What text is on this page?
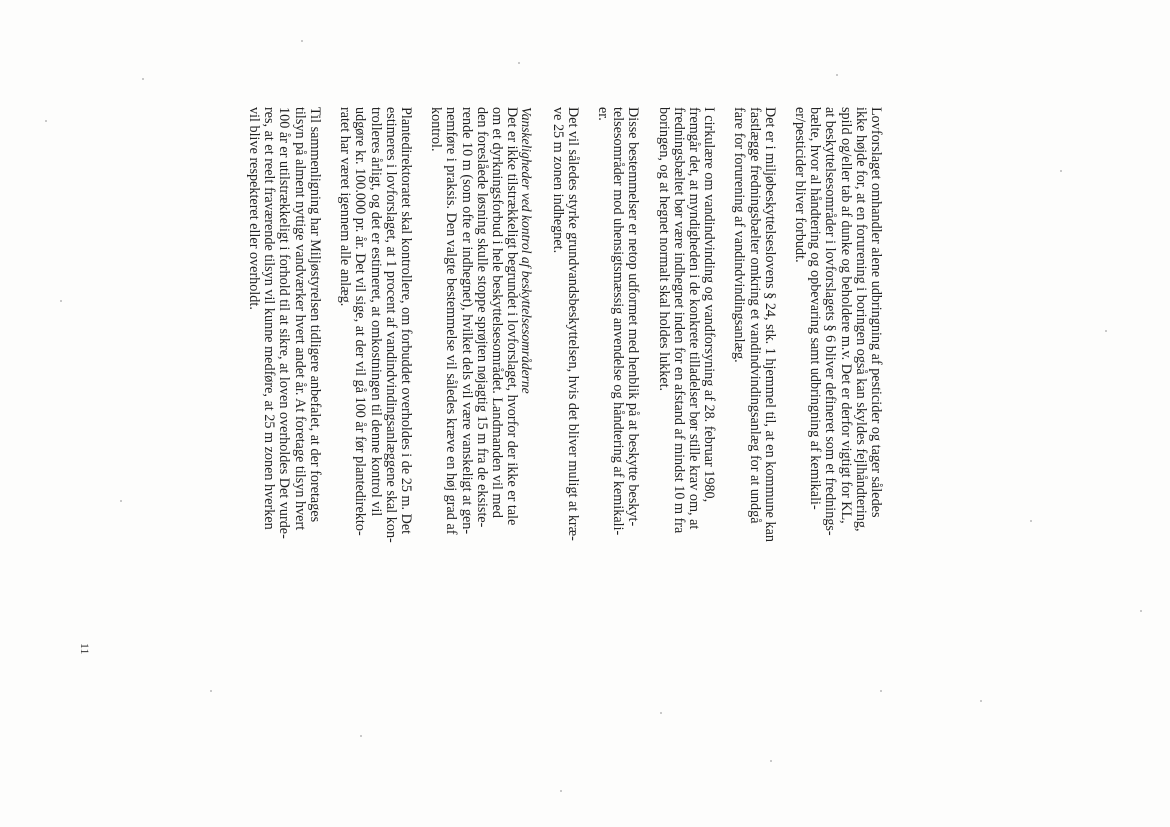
Lovforslaget omhandler alene udbringning af pesticider og tager således
ikke højde for, at en forurening i boringen også kan skyldes fejlhåndtering,
spild og/eller tab af dunke og beholdere m.v. Det er derfor vigtigt for KL,
at beskyttelsesområder i lovforslagets § 6 bliver defineret som et frednings-
bælte, hvor al håndtering og opbevaring samt udbringning af kemikali-
er/pesticider bliver forbudt.

Det er i miljøbeskyttelseslovens § 24, stk. 1 hjemmel til, at en kommune kan
fastlægge fredningsbælter omkring et vandindvindingsanlæg for at undgå
fare for forurening af vandindvindingsanlæg.

I cirkulære om vandindvinding og vandforsyning af 28. februar 1980,
fremgår det, at myndigheden i de konkrete tilladelser bør stille krav om, at
fredningsbæltet bør være indhegnet inden for en afstand af mindst 10 m fra
boringen, og at hegnet normalt skal holdes lukket.

Disse bestemmelser er netop udformet med henblik på at beskytte beskyt-
telsesområder mod uhensigtsmæssig anvendelse og håndtering af kemikali-
er.

Det vil således styrke grundvandsbeskyttelsen, hvis det bliver muligt at kræ-
ve 25 m zonen indhegnet.

Vanskeligheder ved kontrol af beskyttelsesområderne

Det er ikke tilstrækkeligt begrundet i lovforslaget, hvorfor der ikke er tale
om et dyrkningsforbud i hele beskyttelsesområdet. Landmanden vil med
den foreslåede løsning skulle stoppe sprøjten nøjagtig 15 m fra de eksiste-
rende 10 m (som ofte er indhegnet), hvilket dels vil være vanskeligt at gen-
nemføre i praksis. Den valgte bestemmelse vil således kræve en høj grad af
kontrol.

Plantedirektoratet skal kontrollere, om forbuddet overholdes i de 25 m. Det
estimeres i lovforslaget, at 1 procent af vandindvindingsanlæggene skal kon-
trolleres årligt, og det er estimeret, at omkostningen til denne kontrol vil
udgøre kr. 100.000 pr. år. Det vil sige, at der vil gå 100 år før plantedirekto-
ratet har været igennem alle anlæg.

Til sammenligning har Miljøstyrelsen tidligere anbefalet, at der foretages
tilsyn på alment nyttige vandværker hvert andet år. At foretage tilsyn hvert
100 år er utilstrækkeligt i forhold til at sikre, at loven overholdes Det vurde-
res, at et reelt fraværende tilsyn vil kunne medføre, at 25 m zonen hverken
vil blive respekteret eller overholdt.

11
